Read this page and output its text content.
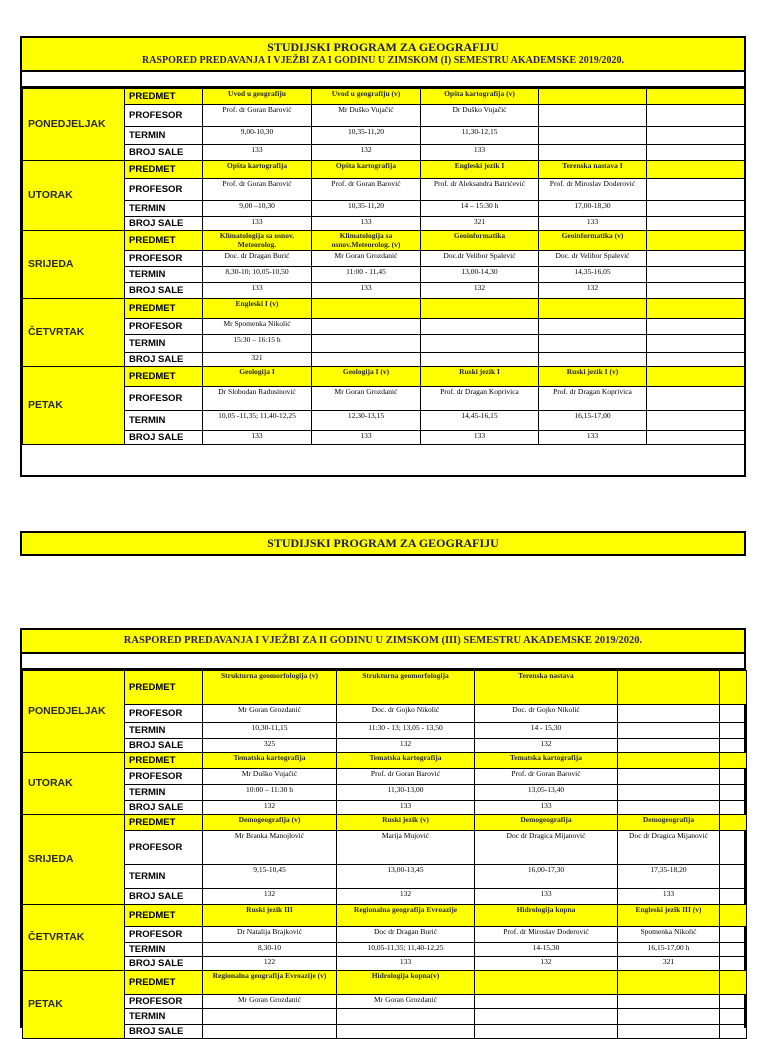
STUDIJSKI PROGRAM ZA GEOGRAFIJU
RASPORED PREDAVANJA I VJEŽBI ZA I GODINU U ZIMSKOM (I) SEMESTRU AKADEMSKE 2019/2020.
PONEDJELJAK	PREDMET	Uvod u geografiju	Uvod u geografiju (v)	Opšta kartografija (v)		
	PROFESOR	Prof. dr Goran Barović	Mr Duško Vujačić	Dr Duško Vujačić		
	TERMIN	9,00-10,30	10,35-11,20	11,30-12,15		
	BROJ SALE	133	132	133		
UTORAK	PREDMET	Opšta kartografija	Opšta kartografija	Engleski jezik I	Terenska nastava I	
	PROFESOR	Prof. dr Goran Barović	Prof. dr Goran Barović	Prof. dr Aleksandra Batrićević	Prof. dr Miroslav Doderović	
	TERMIN	9,00 –10,30	10,35-11,20	14 – 15:30 h	17,00-18,30	
	BROJ SALE	133	133	321	133	
SRIJEDA	PREDMET	Klimatologija sa osnov. Meteorolog.	Klimatologija sa osnov.Meteorolog. (v)	Geoinformatika	Geoinformatika (v)	
	PROFESOR	Doc. dr Dragan Burić	Mr Goran Grozdanić	Doc.dr Velibor Spalević	Doc. dr Velibor Spalević	
	TERMIN	8,30-10; 10,05-10,50	11:00 - 11,45	13,00-14,30	14,35-16,05	
	BROJ SALE	133	133	132	132	
ČETVRTAK	PREDMET	Engleski I (v)				
	PROFESOR	Mr Spomenka Nikolić				
	TERMIN	15:30 – 16:15 h				
	BROJ SALE	321				
PETAK	PREDMET	Geologija I	Geologija I (v)	Ruski jezik I	Ruski jezik I (v)	
	PROFESOR	Dr Slobodan Radusinović	Mr Goran Grozdanić	Prof. dr Dragan Koprivica	Prof. dr Dragan Koprivica	
	TERMIN	10,05 -11,35; 11,40-12,25	12,30-13,15	14,45-16,15	16,15-17,00	
	BROJ SALE	133	133	133	133	
STUDIJSKI PROGRAM ZA GEOGRAFIJU
RASPORED PREDAVANJA I VJEŽBI ZA II GODINU U ZIMSKOM (III) SEMESTRU AKADEMSKE 2019/2020.
PONEDJELJAK	PREDMET	Strukturna geomorfologija (v)	Strukturna geomorfologija	Terenska nastava		
	PROFESOR	Mr Goran Grozdanić	Doc. dr Gojko Nikolić	Doc. dr Gojko Nikolić		
	TERMIN	10,30-11,15	11:30 - 13; 13,05 - 13,50	14 - 15,30		
	BROJ SALE	325	132	132		
UTORAK	PREDMET	Tematska kartografija	Tematska kartografija	Tematska kartografija		
	PROFESOR	Mr Duško Vujačić	Prof. dr Goran Barović	Prof. dr Goran Barović		
	TERMIN	10:00 – 11:30 h	11,30-13,00	13,05-13,40		
	BROJ SALE	132	133	133		
SRIJEDA	PREDMET	Demogeografija (v)	Ruski jezik (v)	Demogeografija	Demogeografija	
	PROFESOR	Mr Branka Manojlović	Marija Mujović	Doc dr Dragica Mijanović	Doc dr Dragica Mijanović	
	TERMIN	9,15-10,45	13,00-13,45	16,00-17,30	17,35-18,20	
	BROJ SALE	132	132	133	133	
ČETVRTAK	PREDMET	Ruski jezik III	Regionalna geografija Evroazije	Hidrologija kopna	Engleski jezik III (v)	
	PROFESOR	Dr Natalija Brajković	Doc dr Dragan Burić	Prof. dr Miroslav Doderović	Spomenka Nikolić	
	TERMIN	8,30-10	10,05-11,35; 11,40-12,25	14-15,30	16,15-17,00 h	
	BROJ SALE	122	133	132	321	
PETAK	PREDMET	Regionalna geografija Evroazije (v)	Hidrologija kopna(v)			
	PROFESOR	Mr Goran Grozdanić	Mr Goran Grozdanić			
	TERMIN					
	BROJ SALE					
